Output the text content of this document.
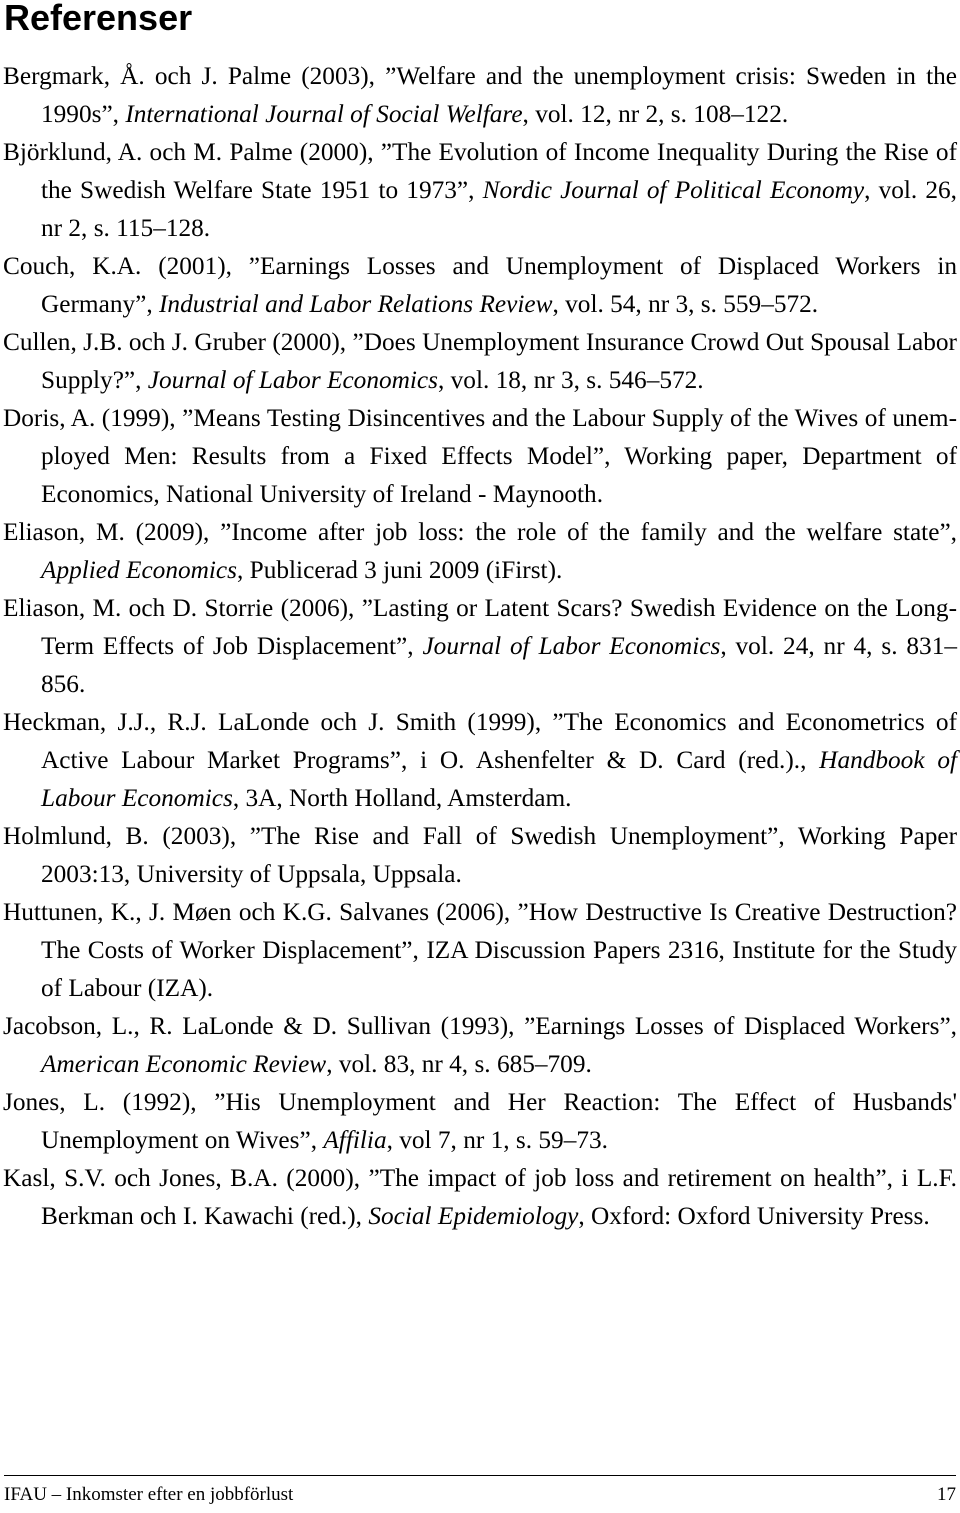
Referenser

Bergmark, Å. och J. Palme (2003), ”Welfare and the unemployment crisis: Sweden in the 1990s”, International Journal of Social Welfare, vol. 12, nr 2, s. 108–122.

Björklund, A. och M. Palme (2000), ”The Evolution of Income Inequality During the Rise of the Swedish Welfare State 1951 to 1973”, Nordic Journal of Political Economy, vol. 26, nr 2, s. 115–128.

Couch, K.A. (2001), ”Earnings Losses and Unemployment of Displaced Workers in Germany”, Industrial and Labor Relations Review, vol. 54, nr 3, s. 559–572.

Cullen, J.B. och J. Gruber (2000), ”Does Unemployment Insurance Crowd Out Spousal Labor Supply?”, Journal of Labor Economics, vol. 18, nr 3, s. 546–572.

Doris, A. (1999), ”Means Testing Disincentives and the Labour Supply of the Wives of unem-ployed Men: Results from a Fixed Effects Model”, Working paper, Department of Economics, National University of Ireland - Maynooth.

Eliason, M. (2009), ”Income after job loss: the role of the family and the welfare state”, Applied Economics, Publicerad 3 juni 2009 (iFirst).

Eliason, M. och D. Storrie (2006), ”Lasting or Latent Scars? Swedish Evidence on the Long-Term Effects of Job Displacement”, Journal of Labor Economics, vol. 24, nr 4, s. 831–856.

Heckman, J.J., R.J. LaLonde och J. Smith (1999), ”The Economics and Econometrics of Active Labour Market Programs”, i O. Ashenfelter & D. Card (red.)., Handbook of Labour Economics, 3A, North Holland, Amsterdam.

Holmlund, B. (2003), ”The Rise and Fall of Swedish Unemployment”, Working Paper 2003:13, University of Uppsala, Uppsala.

Huttunen, K., J. Møen och K.G. Salvanes (2006), ”How Destructive Is Creative Destruction? The Costs of Worker Displacement”, IZA Discussion Papers 2316, Institute for the Study of Labour (IZA).

Jacobson, L., R. LaLonde & D. Sullivan (1993), ”Earnings Losses of Displaced Workers”, American Economic Review, vol. 83, nr 4, s. 685–709.

Jones, L. (1992), ”His Unemployment and Her Reaction: The Effect of Husbands' Unemployment on Wives”, Affilia, vol 7, nr 1, s. 59–73.

Kasl, S.V. och Jones, B.A. (2000), ”The impact of job loss and retirement on health”, i L.F. Berkman och I. Kawachi (red.), Social Epidemiology, Oxford: Oxford University Press.

IFAU – Inkomster efter en jobbförlust	17
